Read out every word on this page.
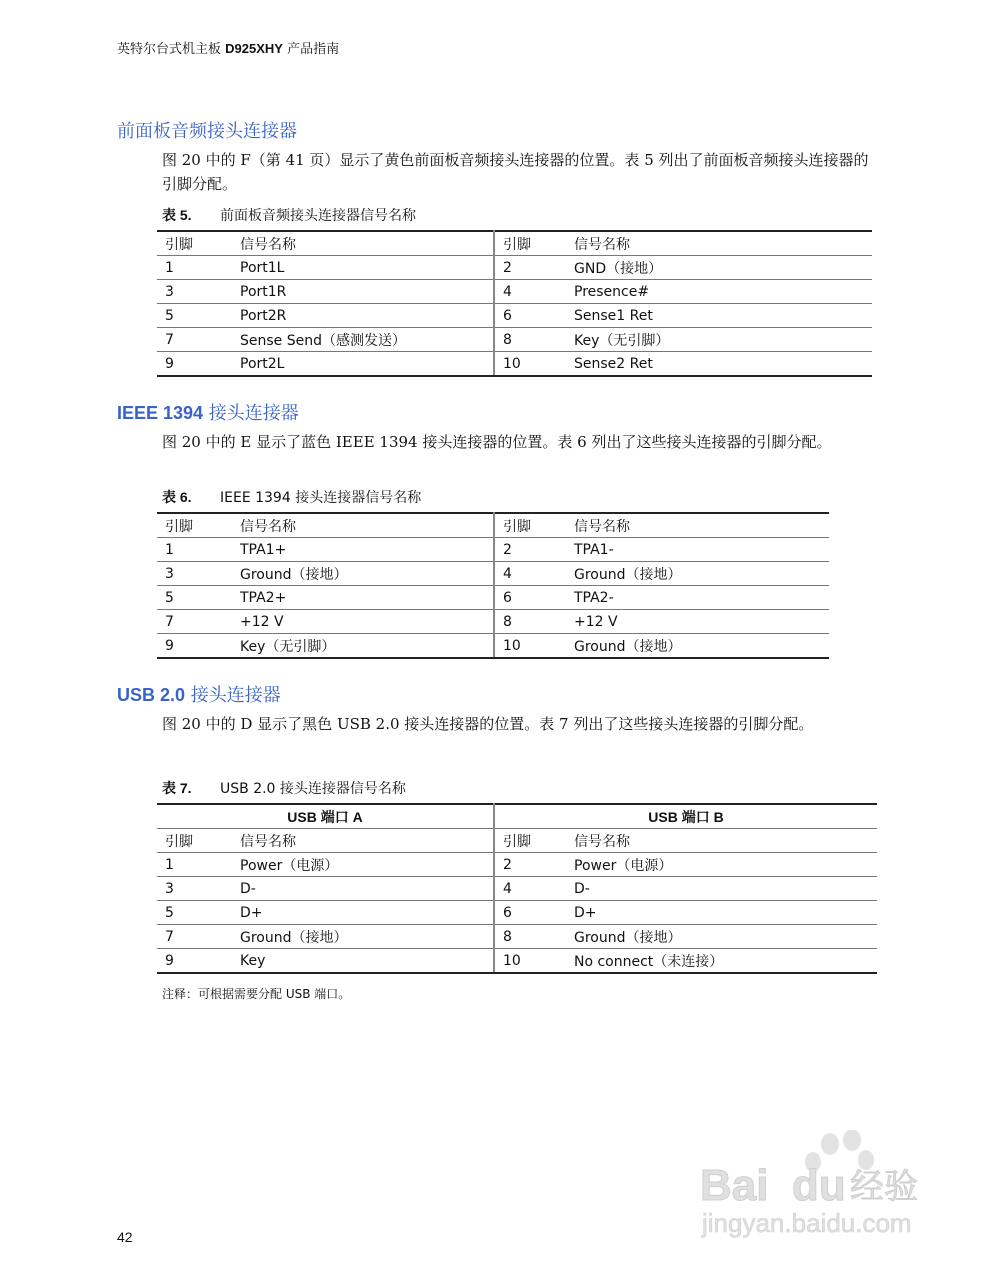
英特尔台式机主板 D925XHY 产品指南
前面板音频接头连接器
图 20 中的 F（第 41 页）显示了黄色前面板音频接头连接器的位置。表 5 列出了前面板音频接头连接器的引脚分配。
表 5. 前面板音频接头连接器信号名称
引脚	信号名称	引脚	信号名称
1	Port1L	2	GND（接地）
3	Port1R	4	Presence#
5	Port2R	6	Sense1 Ret
7	Sense Send（感测发送）	8	Key（无引脚）
9	Port2L	10	Sense2 Ret
IEEE 1394 接头连接器
图 20 中的 E 显示了蓝色 IEEE 1394 接头连接器的位置。表 6 列出了这些接头连接器的引脚分配。
表 6. IEEE 1394 接头连接器信号名称
引脚	信号名称	引脚	信号名称
1	TPA1+	2	TPA1-
3	Ground（接地）	4	Ground（接地）
5	TPA2+	6	TPA2-
7	+12 V	8	+12 V
9	Key（无引脚）	10	Ground（接地）
USB 2.0 接头连接器
图 20 中的 D 显示了黑色 USB 2.0 接头连接器的位置。表 7 列出了这些接头连接器的引脚分配。
表 7. USB 2.0 接头连接器信号名称
USB 端口 A		USB 端口 B	
引脚	信号名称	引脚	信号名称
1	Power（电源）	2	Power（电源）
3	D-	4	D-
5	D+	6	D+
7	Ground（接地）	8	Ground（接地）
9	Key	10	No connect（未连接）
注释：可根据需要分配 USB 端口。
42
Bai du 经验
jingyan.baidu.com
